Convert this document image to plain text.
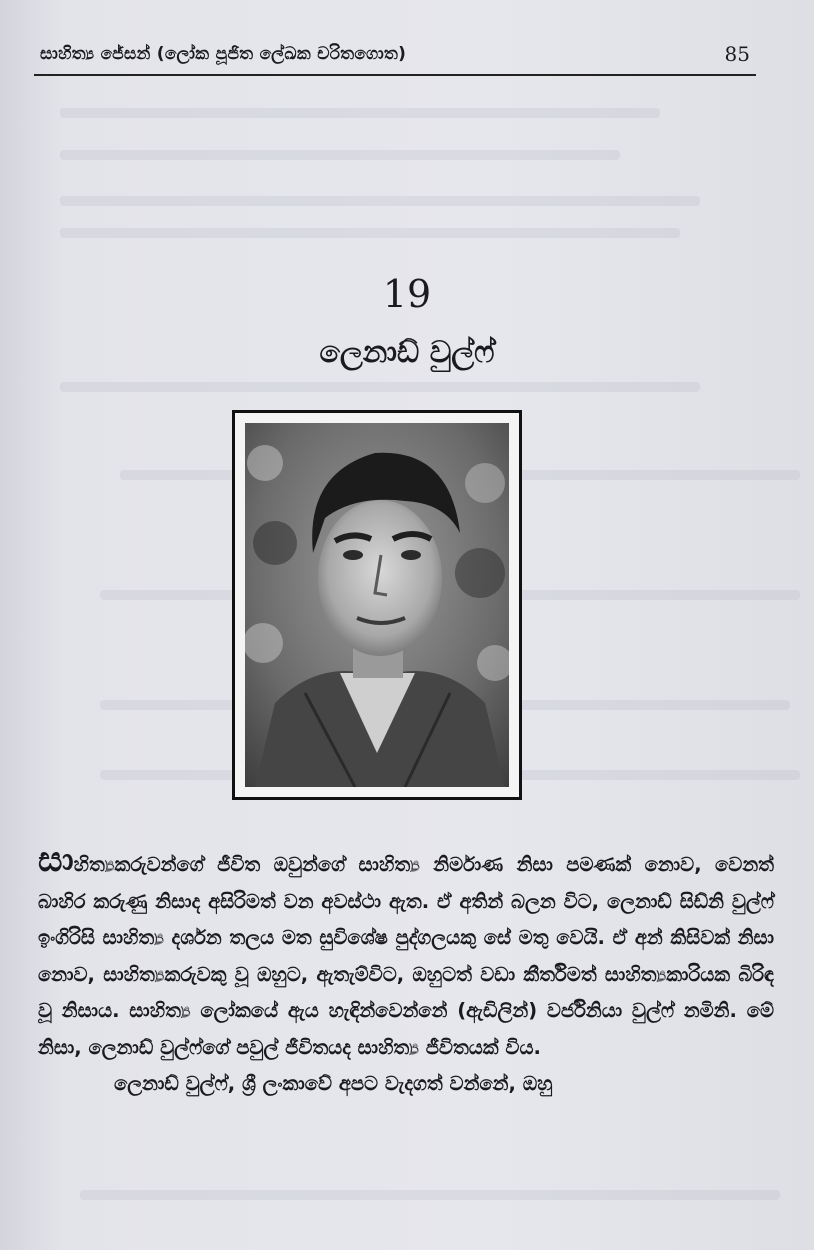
සාහිත්‍ය ජේසන් (ලෝක පූජිත ලේඛක චරිතගොත)	85
19
ලෙනාඩ් වුල්ෆ්

සාහිත්‍යකරුවන්ගේ ජීවිත ඔවුන්ගේ සාහිත්‍ය නිර්මාණ නිසා පමණක් නොව, වෙනත් බාහිර කරුණු නිසාද අසිරිමත් වන අවස්ථා ඇත. ඒ අතින් බලන විට, ලෙනාඩ් සිඩ්නි වුල්ෆ් ඉංගිරිසි සාහිත්‍ය දර්ශන තලය මත සුවිශේෂ පුද්ගලයකු සේ මතු වෙයි. ඒ අන් කිසිවක් නිසා නොව, සාහිත්‍යකරුවකු වූ ඔහුට, ඇතැම්විට, ඔහුටත් වඩා කීර්තිමත් සාහිත්‍යකාරියක බිරිඳ වූ නිසාය. සාහිත්‍ය ලෝකයේ ඇය හැඳින්වෙන්නේ (ඇඩිලින්) වර්ජිනියා වුල්ෆ් නමිනි. මේ නිසා, ලෙනාඩ් වුල්ෆ්ගේ පවුල් ජීවිතයද සාහිත්‍ය ජීවිතයක් විය.

ලෙනාඩ් වුල්ෆ්, ශ්‍රී ලංකාවේ අපට වැදගත් වන්නේ, ඔහු
